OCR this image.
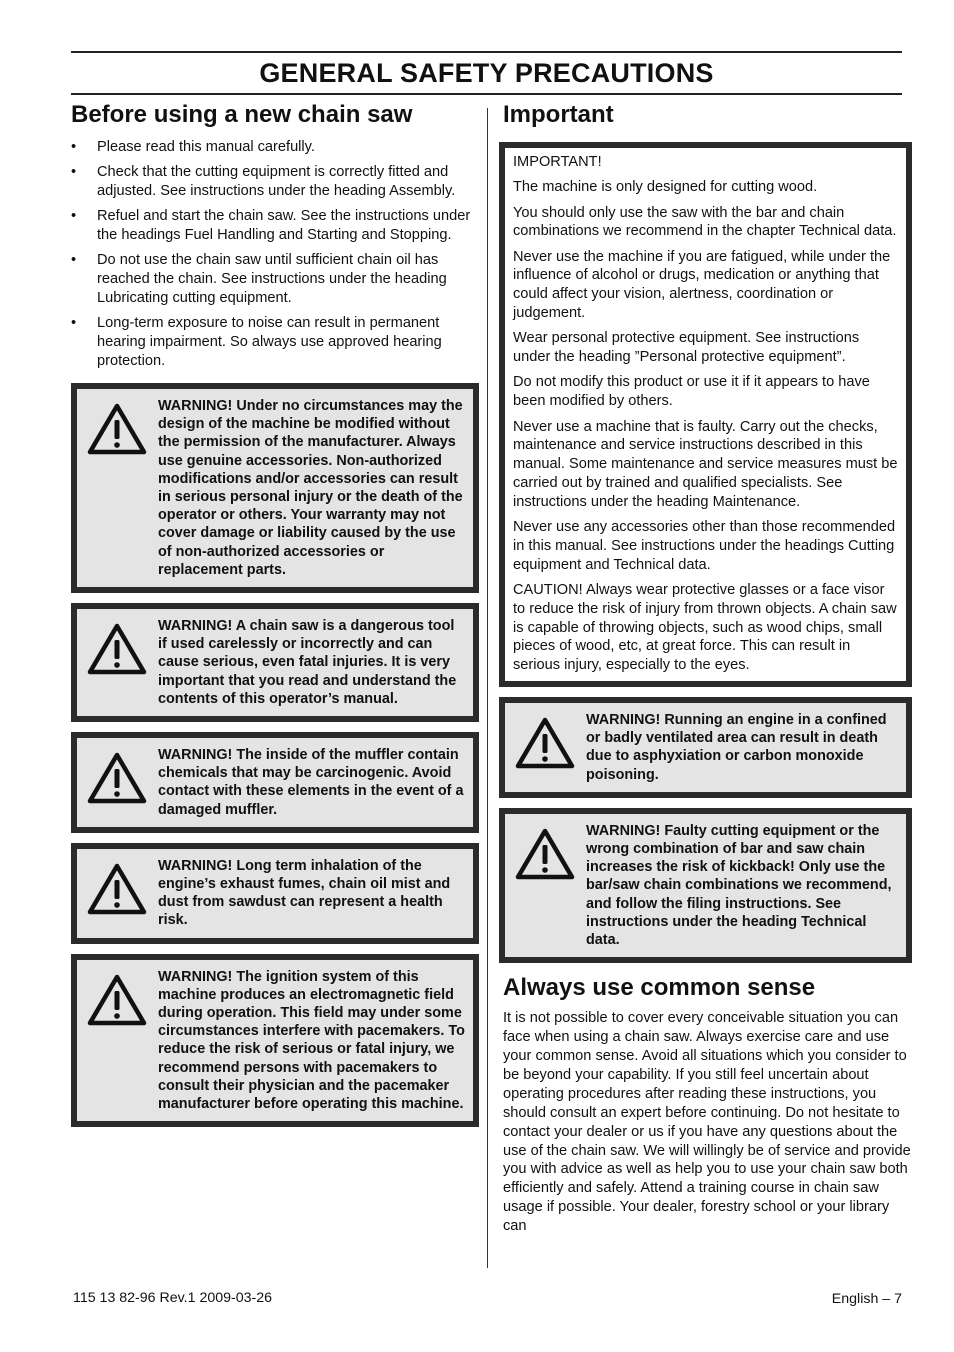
GENERAL SAFETY PRECAUTIONS
Before using a new chain saw
• Please read this manual carefully.
• Check that the cutting equipment is correctly fitted and adjusted. See instructions under the heading Assembly.
• Refuel and start the chain saw. See the instructions under the headings Fuel Handling and Starting and Stopping.
• Do not use the chain saw until sufficient chain oil has reached the chain. See instructions under the heading Lubricating cutting equipment.
• Long-term exposure to noise can result in permanent hearing impairment. So always use approved hearing protection.
WARNING! Under no circumstances may the design of the machine be modified without the permission of the manufacturer. Always use genuine accessories. Non-authorized modifications and/or accessories can result in serious personal injury or the death of the operator or others. Your warranty may not cover damage or liability caused by the use of non-authorized accessories or replacement parts.
WARNING! A chain saw is a dangerous tool if used carelessly or incorrectly and can cause serious, even fatal injuries. It is very important that you read and understand the contents of this operator’s manual.
WARNING! The inside of the muffler contain chemicals that may be carcinogenic. Avoid contact with these elements in the event of a damaged muffler.
WARNING! Long term inhalation of the engine’s exhaust fumes, chain oil mist and dust from sawdust can represent a health risk.
WARNING! The ignition system of this machine produces an electromagnetic field during operation. This field may under some circumstances interfere with pacemakers. To reduce the risk of serious or fatal injury, we recommend persons with pacemakers to consult their physician and the pacemaker manufacturer before operating this machine.
Important

IMPORTANT!

The machine is only designed for cutting wood.

You should only use the saw with the bar and chain combinations we recommend in the chapter Technical data.

Never use the machine if you are fatigued, while under the influence of alcohol or drugs, medication or anything that could affect your vision, alertness, coordination or judgement.

Wear personal protective equipment. See instructions under the heading ”Personal protective equipment”.

Do not modify this product or use it if it appears to have been modified by others.

Never use a machine that is faulty. Carry out the checks, maintenance and service instructions described in this manual. Some maintenance and service measures must be carried out by trained and qualified specialists. See instructions under the heading Maintenance.

Never use any accessories other than those recommended in this manual. See instructions under the headings Cutting equipment and Technical data.

CAUTION! Always wear protective glasses or a face visor to reduce the risk of injury from thrown objects. A chain saw is capable of throwing objects, such as wood chips, small pieces of wood, etc, at great force. This can result in serious injury, especially to the eyes.

WARNING! Running an engine in a confined or badly ventilated area can result in death due to asphyxiation or carbon monoxide poisoning.
WARNING! Faulty cutting equipment or the wrong combination of bar and saw chain increases the risk of kickback! Only use the bar/saw chain combinations we recommend, and follow the filing instructions. See instructions under the heading Technical data.
Always use common sense
It is not possible to cover every conceivable situation you can face when using a chain saw. Always exercise care and use your common sense. Avoid all situations which you consider to be beyond your capability. If you still feel uncertain about operating procedures after reading these instructions, you should consult an expert before continuing. Do not hesitate to contact your dealer or us if you have any questions about the use of the chain saw. We will willingly be of service and provide you with advice as well as help you to use your chain saw both efficiently and safely. Attend a training course in chain saw usage if possible. Your dealer, forestry school or your library can
115 13 82-96 Rev.1 2009-03-26	English – 7
